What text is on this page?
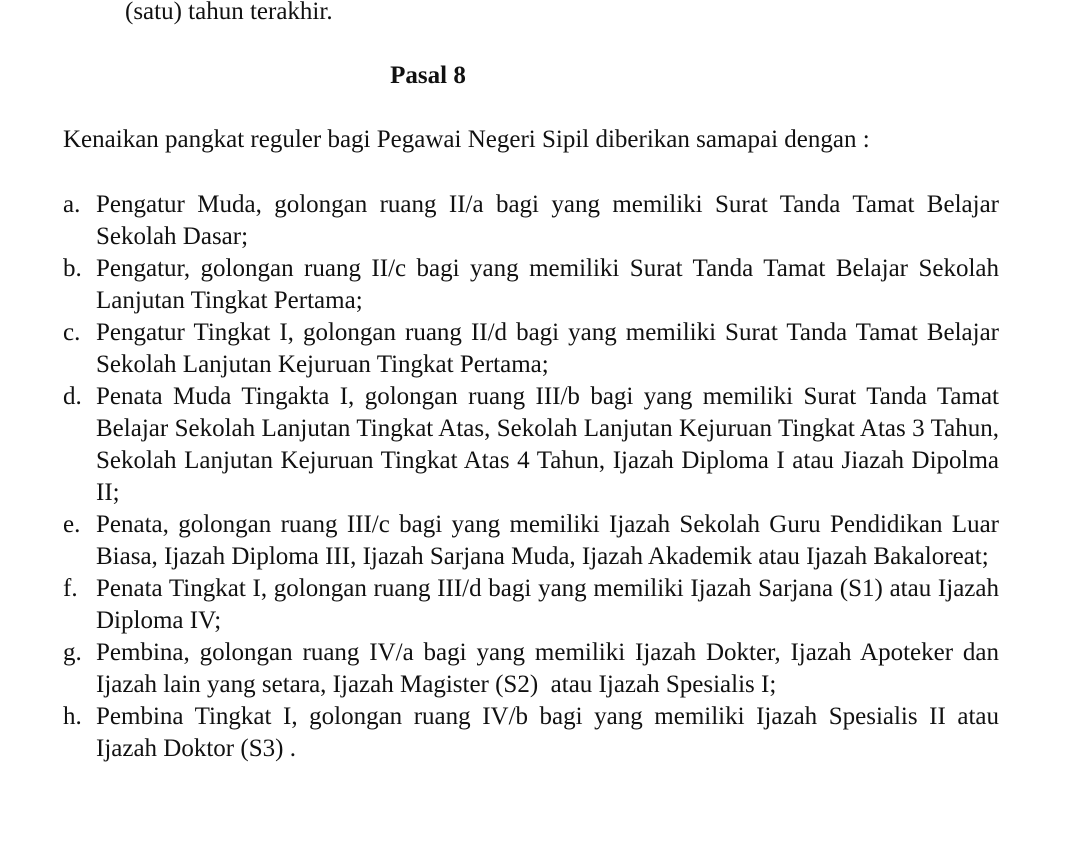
(satu) tahun terakhir.
Pasal 8
Kenaikan pangkat reguler bagi Pegawai Negeri Sipil diberikan samapai dengan :
a. Pengatur Muda, golongan ruang II/a bagi yang memiliki Surat Tanda Tamat Belajar Sekolah Dasar;
b. Pengatur, golongan ruang II/c bagi yang memiliki Surat Tanda Tamat Belajar Sekolah Lanjutan Tingkat Pertama;
c. Pengatur Tingkat I, golongan ruang II/d bagi yang memiliki Surat Tanda Tamat Belajar Sekolah Lanjutan Kejuruan Tingkat Pertama;
d. Penata Muda Tingakta I, golongan ruang III/b bagi yang memiliki Surat Tanda Tamat Belajar Sekolah Lanjutan Tingkat Atas, Sekolah Lanjutan Kejuruan Tingkat Atas 3 Tahun, Sekolah Lanjutan Kejuruan Tingkat Atas 4 Tahun, Ijazah Diploma I atau Jiazah Dipolma II;
e. Penata, golongan ruang III/c bagi yang memiliki Ijazah Sekolah Guru Pendidikan Luar Biasa, Ijazah Diploma III, Ijazah Sarjana Muda, Ijazah Akademik atau Ijazah Bakaloreat;
f. Penata Tingkat I, golongan ruang III/d bagi yang memiliki Ijazah Sarjana (S1) atau Ijazah Diploma IV;
g. Pembina, golongan ruang IV/a bagi yang memiliki Ijazah Dokter, Ijazah Apoteker dan Ijazah lain yang setara, Ijazah Magister (S2)  atau Ijazah Spesialis I;
h. Pembina Tingkat I, golongan ruang IV/b bagi yang memiliki Ijazah Spesialis II atau Ijazah Doktor (S3) .
